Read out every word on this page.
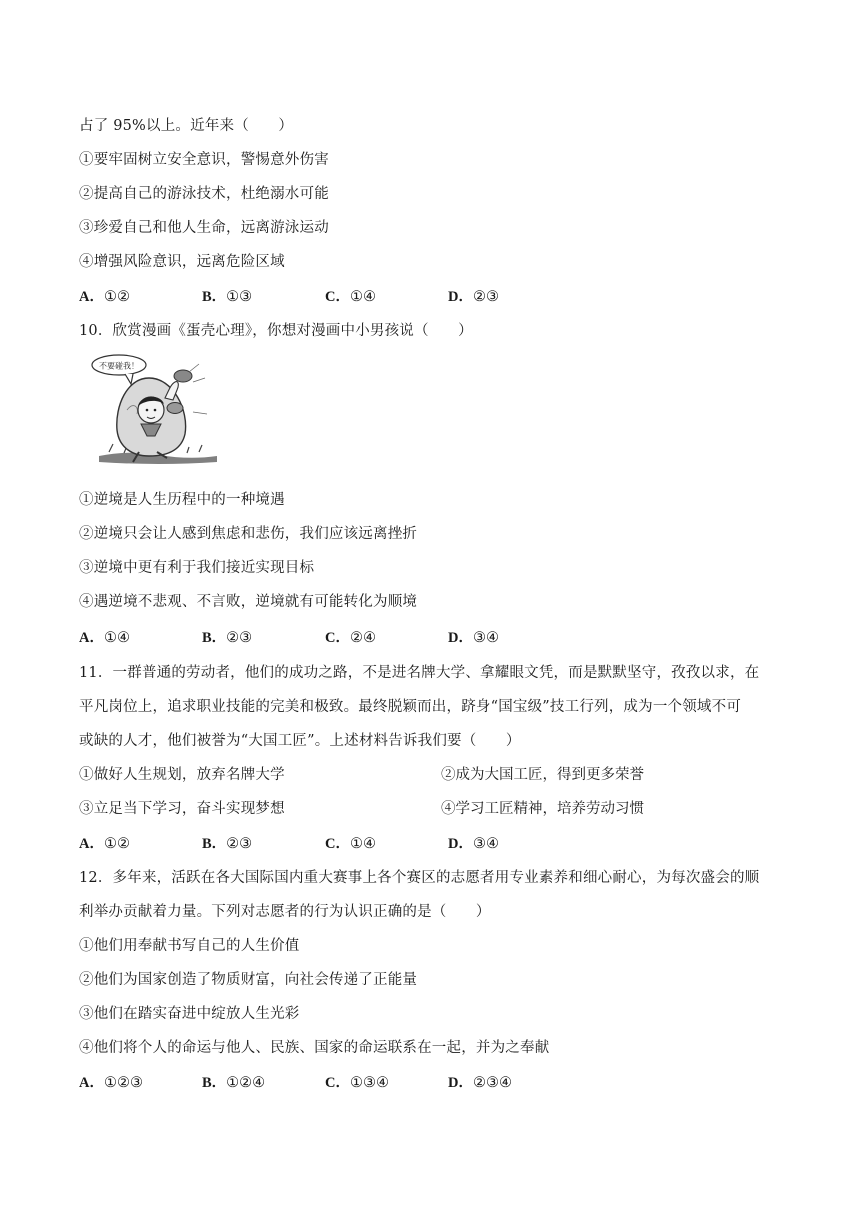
占了 95%以上。近年来（　　）
①要牢固树立安全意识，警惕意外伤害
②提高自己的游泳技术，杜绝溺水可能
③珍爱自己和他人生命，远离游泳运动
④增强风险意识，远离危险区域
A．①②	B．①③	C．①④	D．②③
10．欣赏漫画《蛋壳心理》，你想对漫画中小男孩说（　　）
不要碰我！
①逆境是人生历程中的一种境遇
②逆境只会让人感到焦虑和悲伤，我们应该远离挫折
③逆境中更有利于我们接近实现目标
④遇逆境不悲观、不言败，逆境就有可能转化为顺境
A．①④	B．②③	C．②④	D．③④
11．一群普通的劳动者，他们的成功之路，不是进名牌大学、拿耀眼文凭，而是默默坚守，孜孜以求，在
平凡岗位上，追求职业技能的完美和极致。最终脱颖而出，跻身“国宝级”技工行列，成为一个领域不可
或缺的人才，他们被誉为“大国工匠”。上述材料告诉我们要（　　）
①做好人生规划，放弃名牌大学	②成为大国工匠，得到更多荣誉
③立足当下学习，奋斗实现梦想	④学习工匠精神，培养劳动习惯
A．①②	B．②③	C．①④	D．③④
12．多年来，活跃在各大国际国内重大赛事上各个赛区的志愿者用专业素养和细心耐心，为每次盛会的顺
利举办贡献着力量。下列对志愿者的行为认识正确的是（　　）
①他们用奉献书写自己的人生价值
②他们为国家创造了物质财富，向社会传递了正能量
③他们在踏实奋进中绽放人生光彩
④他们将个人的命运与他人、民族、国家的命运联系在一起，并为之奉献
A．①②③	B．①②④	C．①③④	D．②③④
